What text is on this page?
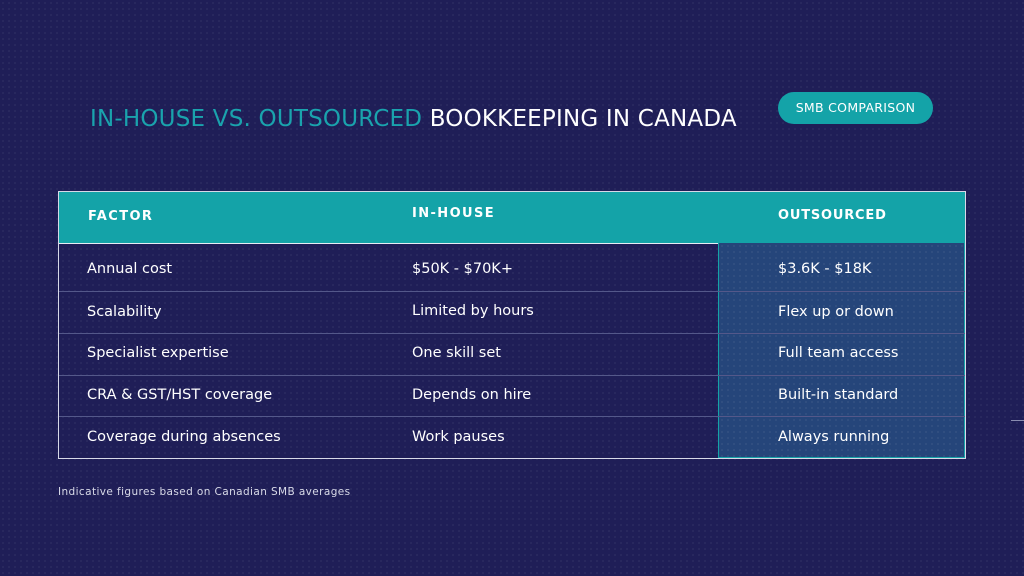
IN-HOUSE VS. OUTSOURCED BOOKKEEPING IN CANADA	SMB COMPARISON
FACTOR	IN-HOUSE	OUTSOURCED
Annual cost	$50K - $70K+	$3.6K - $18K
Scalability	Limited by hours	Flex up or down
Specialist expertise	One skill set	Full team access
CRA & GST/HST coverage	Depends on hire	Built-in standard
Coverage during absences	Work pauses	Always running
Indicative figures based on Canadian SMB averages
